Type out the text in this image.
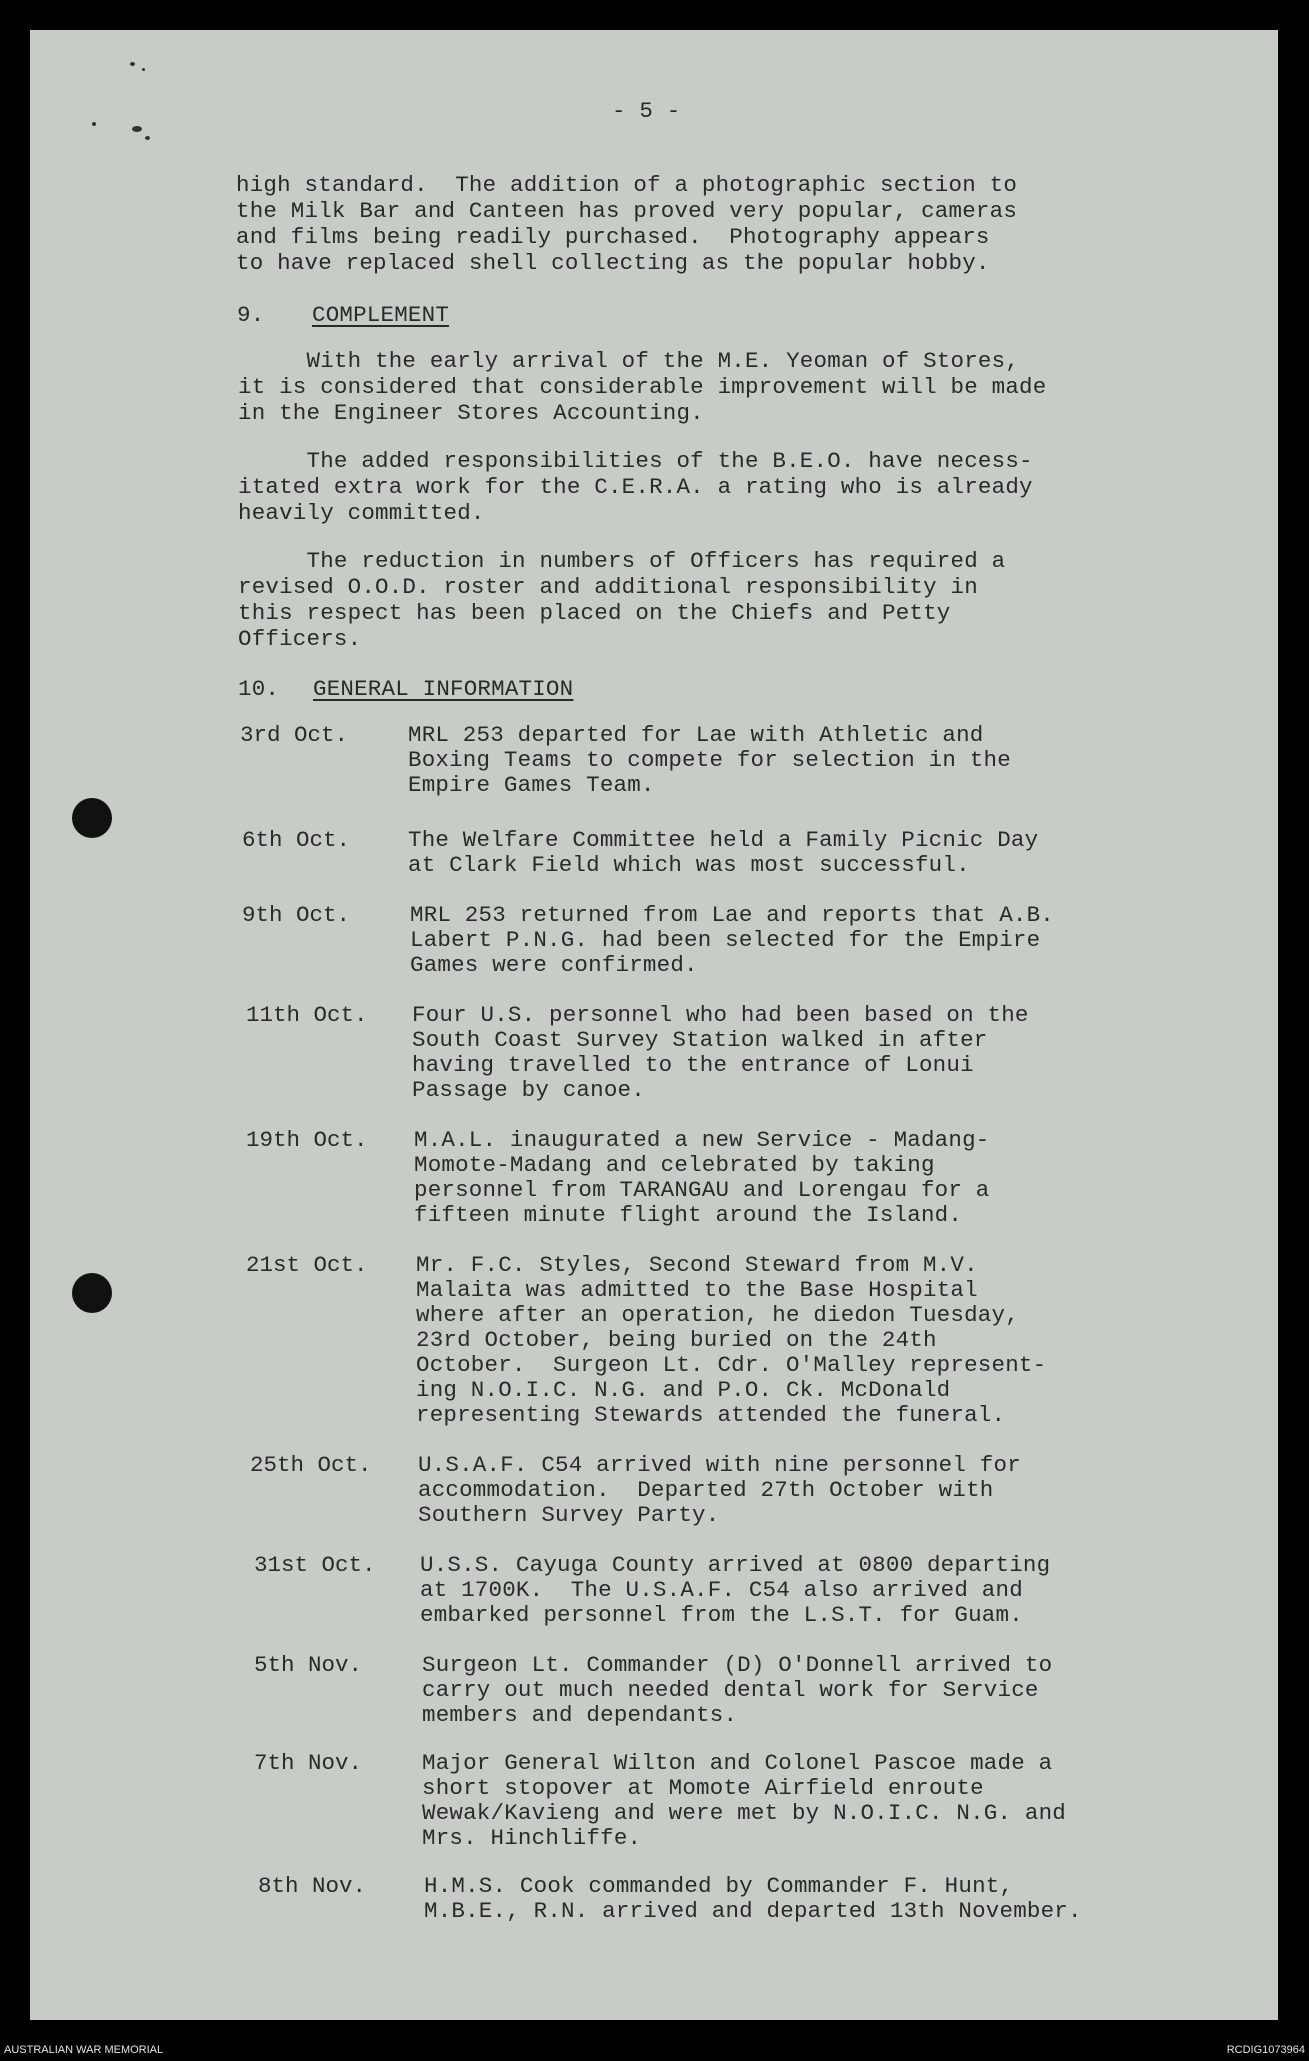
- 5 -
high standard.  The addition of a photographic section to
the Milk Bar and Canteen has proved very popular, cameras
and films being readily purchased.  Photography appears
to have replaced shell collecting as the popular hobby.
9. COMPLEMENT
With the early arrival of the M.E. Yeoman of Stores,
it is considered that considerable improvement will be made
in the Engineer Stores Accounting.
The added responsibilities of the B.E.O. have necess-
itated extra work for the C.E.R.A. a rating who is already
heavily committed.
The reduction in numbers of Officers has required a
revised O.O.D. roster and additional responsibility in
this respect has been placed on the Chiefs and Petty
Officers.
10. GENERAL INFORMATION
3rd Oct.	MRL 253 departed for Lae with Athletic and
Boxing Teams to compete for selection in the
Empire Games Team.
6th Oct.	The Welfare Committee held a Family Picnic Day
at Clark Field which was most successful.
9th Oct.	MRL 253 returned from Lae and reports that A.B.
Labert P.N.G. had been selected for the Empire
Games were confirmed.
11th Oct. Four U.S. personnel who had been based on the
South Coast Survey Station walked in after
having travelled to the entrance of Lonui
Passage by canoe.
19th Oct. M.A.L. inaugurated a new Service - Madang-
Momote-Madang and celebrated by taking
personnel from TARANGAU and Lorengau for a
fifteen minute flight around the Island.
21st Oct. Mr. F.C. Styles, Second Steward from M.V.
Malaita was admitted to the Base Hospital
where after an operation, he diedon Tuesday,
23rd October, being buried on the 24th
October.  Surgeon Lt. Cdr. O'Malley represent-
ing N.O.I.C. N.G. and P.O. Ck. McDonald
representing Stewards attended the funeral.
25th Oct. U.S.A.F. C54 arrived with nine personnel for
accommodation.  Departed 27th October with
Southern Survey Party.
31st Oct. U.S.S. Cayuga County arrived at 0800 departing
at 1700K.  The U.S.A.F. C54 also arrived and
embarked personnel from the L.S.T. for Guam.
5th Nov.	Surgeon Lt. Commander (D) O'Donnell arrived to
carry out much needed dental work for Service
members and dependants.
7th Nov.	Major General Wilton and Colonel Pascoe made a
short stopover at Momote Airfield enroute
Wewak/Kavieng and were met by N.O.I.C. N.G. and
Mrs. Hinchliffe.
8th Nov.	H.M.S. Cook commanded by Commander F. Hunt,
M.B.E., R.N. arrived and departed 13th November.
AUSTRALIAN WAR MEMORIAL	RCDIG1073964
